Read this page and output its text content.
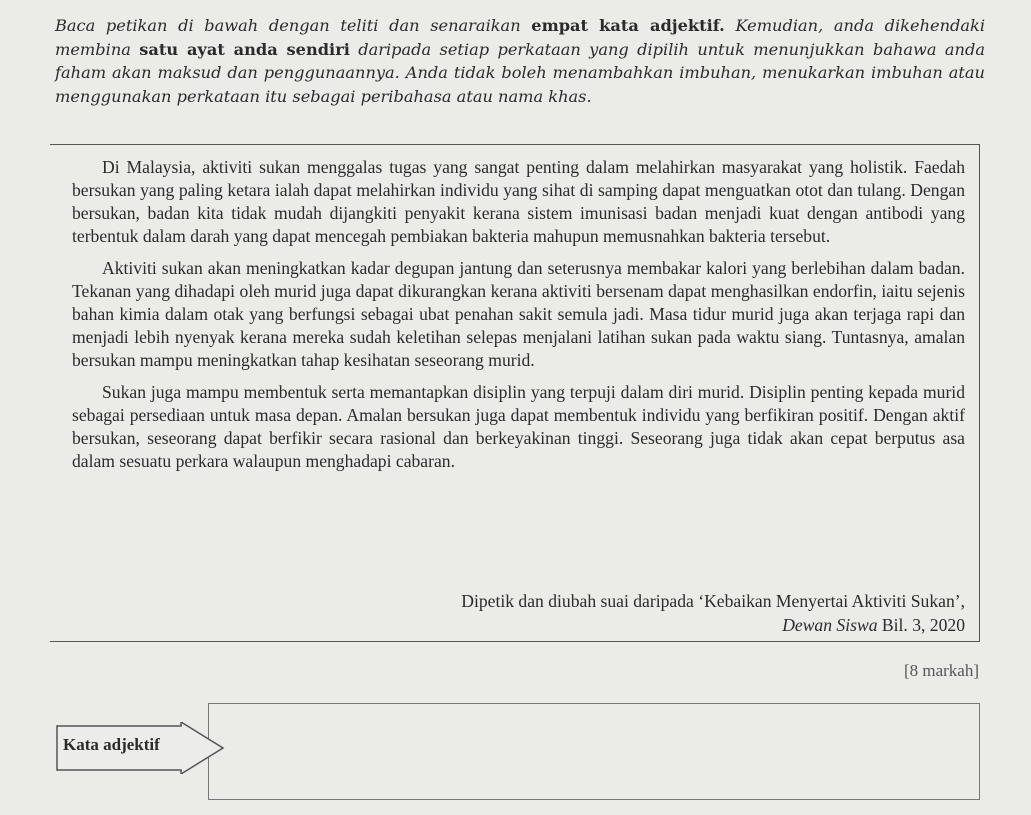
Baca petikan di bawah dengan teliti dan senaraikan empat kata adjektif. Kemudian, anda dikehendaki membina satu ayat anda sendiri daripada setiap perkataan yang dipilih untuk menunjukkan bahawa anda faham akan maksud dan penggunaannya. Anda tidak boleh menambahkan imbuhan, menukarkan imbuhan atau menggunakan perkataan itu sebagai peribahasa atau nama khas.

Di Malaysia, aktiviti sukan menggalas tugas yang sangat penting dalam melahirkan masyarakat yang holistik. Faedah bersukan yang paling ketara ialah dapat melahirkan individu yang sihat di samping dapat menguatkan otot dan tulang. Dengan bersukan, badan kita tidak mudah dijangkiti penyakit kerana sistem imunisasi badan menjadi kuat dengan antibodi yang terbentuk dalam darah yang dapat mencegah pembiakan bakteria mahupun memusnahkan bakteria tersebut.

Aktiviti sukan akan meningkatkan kadar degupan jantung dan seterusnya membakar kalori yang berlebihan dalam badan. Tekanan yang dihadapi oleh murid juga dapat dikurangkan kerana aktiviti bersenam dapat menghasilkan endorfin, iaitu sejenis bahan kimia dalam otak yang berfungsi sebagai ubat penahan sakit semula jadi. Masa tidur murid juga akan terjaga rapi dan menjadi lebih nyenyak kerana mereka sudah keletihan selepas menjalani latihan sukan pada waktu siang. Tuntasnya, amalan bersukan mampu meningkatkan tahap kesihatan seseorang murid.

Sukan juga mampu membentuk serta memantapkan disiplin yang terpuji dalam diri murid. Disiplin penting kepada murid sebagai persediaan untuk masa depan. Amalan bersukan juga dapat membentuk individu yang berfikiran positif. Dengan aktif bersukan, seseorang dapat berfikir secara rasional dan berkeyakinan tinggi. Seseorang juga tidak akan cepat berputus asa dalam sesuatu perkara walaupun menghadapi cabaran.

Dipetik dan diubah suai daripada ‘Kebaikan Menyertai Aktiviti Sukan’,
Dewan Siswa Bil. 3, 2020
[8 markah]
Kata adjektif
